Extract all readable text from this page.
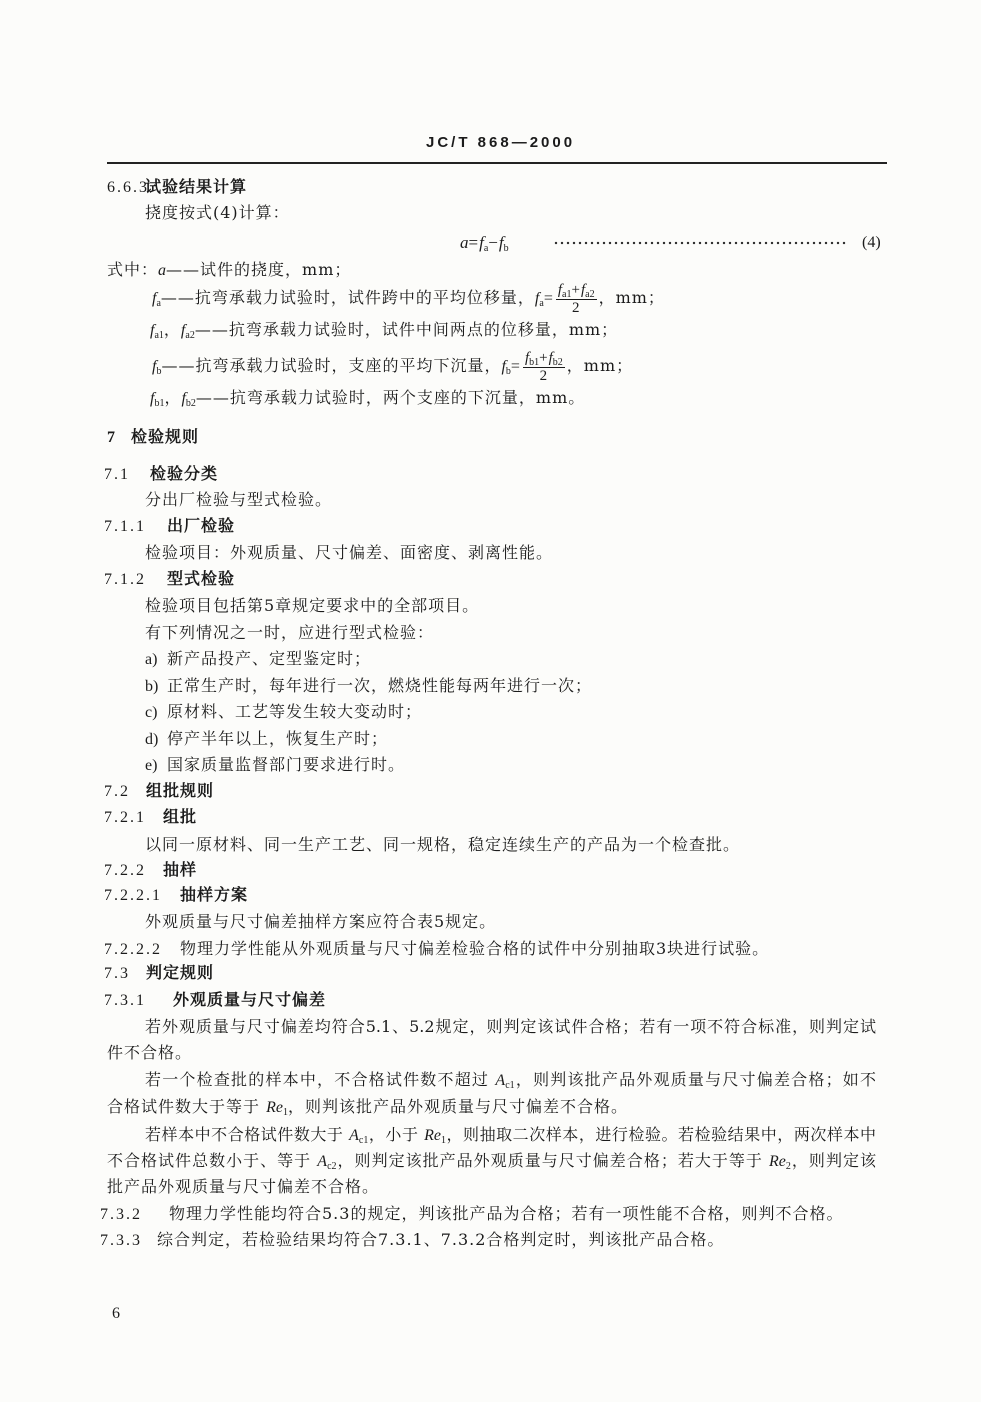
JC/T 868—2000
6.6.3试验结果计算
挠度按式(4)计算：
$a=f_a-f_b$	(4)
式中：a——试件的挠度，mm；
$f_a——$抗弯承载力试验时，试件跨中的平均位移量，$f_a= \frac{f_{a1}+f_{a2}}{2}$ ，mm；
$f_{a1}$，$f_{a2}——$抗弯承载力试验时，试件中间两点的位移量，mm；
$f_b——$抗弯承载力试验时，支座的平均下沉量，$f_b= \frac{f_{b1}+f_{b2}}{2}$ ，mm；
$f_{b1}$，$f_{b2}——$抗弯承载力试验时，两个支座的下沉量，mm。
7 检验规则
7.1 检验分类
分出厂检验与型式检验。
7.1.1 出厂检验
检验项目：外观质量、尺寸偏差、面密度、剥离性能。
7.1.2 型式检验
检验项目包括第5章规定要求中的全部项目。
有下列情况之一时，应进行型式检验：
a) 新产品投产、定型鉴定时；
b) 正常生产时，每年进行一次，燃烧性能每两年进行一次；
c) 原材料、工艺等发生较大变动时；
d) 停产半年以上，恢复生产时；
e) 国家质量监督部门要求进行时。
7.2 组批规则
7.2.1 组批
以同一原材料、同一生产工艺、同一规格，稳定连续生产的产品为一个检查批。
7.2.2 抽样
7.2.2.1 抽样方案
外观质量与尺寸偏差抽样方案应符合表5规定。
7.2.2.2 物理力学性能从外观质量与尺寸偏差检验合格的试件中分别抽取3块进行试验。
7.3 判定规则
7.3.1 外观质量与尺寸偏差
若外观质量与尺寸偏差均符合5.1、5.2规定，则判定该试件合格；若有一项不符合标准，则判定试
件不合格。
若一个检查批的样本中，不合格试件数不超过 $A_{c1}$，则判该批产品外观质量与尺寸偏差合格；如不
合格试件数大于等于 $Re_1$，则判该批产品外观质量与尺寸偏差不合格。
若样本中不合格试件数大于 $A_{c1}$，小于 $Re_1$，则抽取二次样本，进行检验。若检验结果中，两次样本中
不合格试件总数小于、等于 $A_{c2}$，则判定该批产品外观质量与尺寸偏差合格；若大于等于 $Re_2$，则判定该
批产品外观质量与尺寸偏差不合格。
7.3.2 物理力学性能均符合5.3的规定，判该批产品为合格；若有一项性能不合格，则判不合格。
7.3.3 综合判定，若检验结果均符合7.3.1、7.3.2合格判定时，判该批产品合格。
6
